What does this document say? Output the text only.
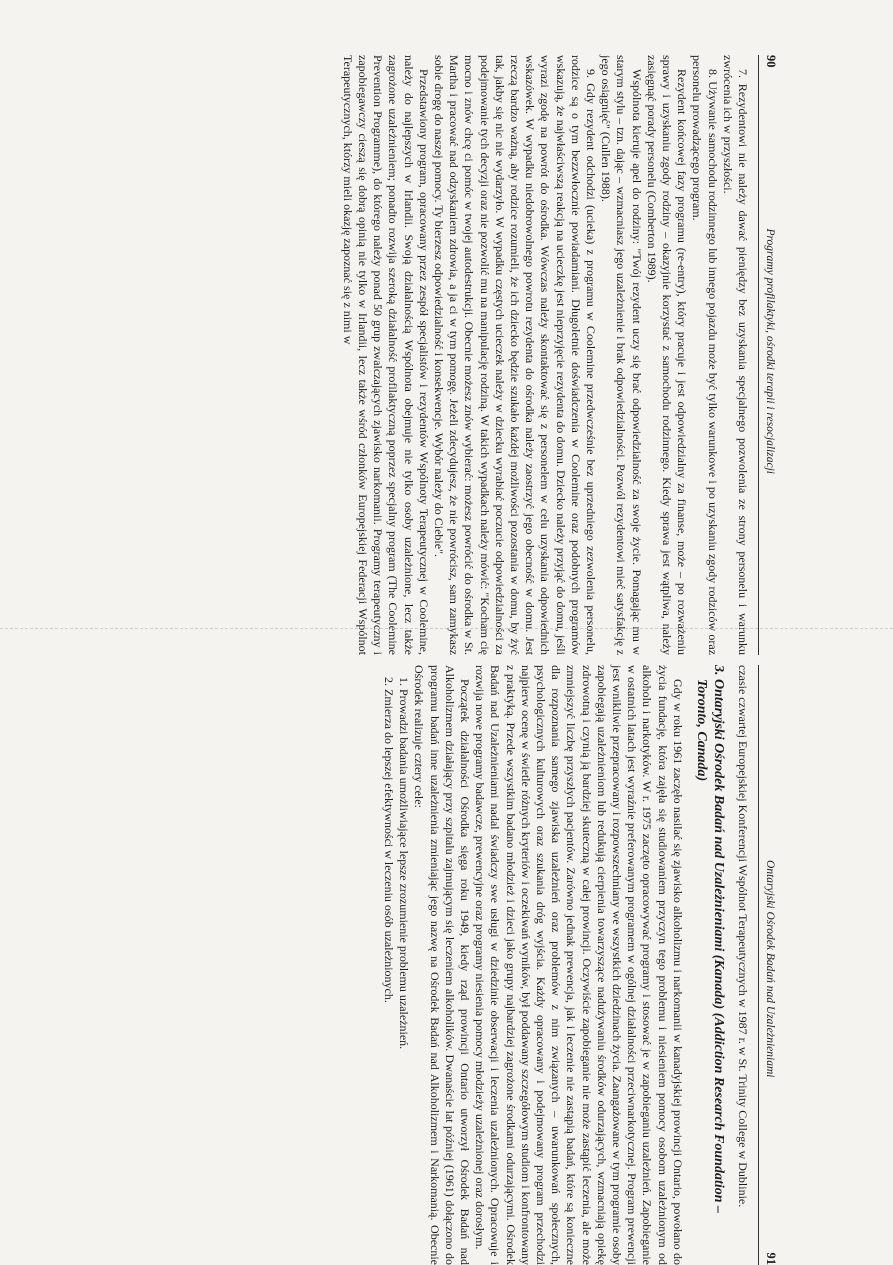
90
Programy profilaktyki, ośrodki terapii i resocjalizacji

7. Rezydentowi nie należy dawać pieniędzy bez uzyskania specjalnego pozwolenia ze strony personelu i warunku zwrócenia ich w przyszłości.

8. Używanie samochodu rodzinnego lub innego pojazdu może być tylko warunkowe i po uzyskaniu zgody rodziców oraz personelu prowadzącego program.

Rezydent końcowej fazy programu (re-entry), który pracuje i jest odpowiedzialny za finanse, może – po rozważeniu sprawy i uzyskaniu zgody rodziny – okazyjnie korzystać z samochodu rodzinnego. Kiedy sprawa jest wątpliwa, należy zasięgnąć porady personelu (Comberton 1989).

Wspólnota kieruje apel do rodziny: "Twój rezydent uczy się brać odpowiedzialność za swoje życie. Pomagając mu w starym stylu – tzn. dając – wzmacniasz jego uzależnienie i brak odpowiedzialności. Pozwól rezydentowi mieć satysfakcję z jego osiągnięć" (Cullen 1988).

9. Gdy rezydent odchodzi (ucieka) z programu w Coolemine przedwcześnie bez uprzedniego zezwolenia personelu, rodzice są o tym bezzwłocznie powiadamiani. Długoletnie doświadczenia w Coolemine oraz podobnych programów wskazują, że najwłaściwszą reakcją na ucieczkę jest nieprzyjęcie rezydenta do domu. Dziecko należy przyjąć do domu, jeśli wyrazi zgodę na powrót do ośrodka. Wówczas należy skontaktować się z personelem w celu uzyskania odpowiednich wskazówek. W wypadku niedobrowolnego powrotu rezydenta do ośrodka należy zaostrzyć jego obecność w domu. Jest rzeczą bardzo ważną, aby rodzice rozumieli, że ich dziecko będzie szukało każdej możliwości pozostania w domu, by żyć tak, jakby się nic nie wydarzyło. W wypadku częstych ucieczek należy w dziecku wyrabiać poczucie odpowiedzialności za podejmowanie tych decyzji oraz nie pozwolić mu na manipulację rodziną. W takich wypadkach należy mówić: "Kocham cię mocno i znów chcę ci pomóc w twojej autodestrukcji. Obecnie możesz znów wybierać: możesz powrócić do ośrodka w St. Martha i pracować nad odzyskaniem zdrowia, a ja ci w tym pomogę. Jeżeli zdecydujesz, że nie powrócisz, sam zamykasz sobie drogę do naszej pomocy. Ty bierzesz odpowiedzialność i konsekwencje. Wybór należy do Ciebie".

Przedstawiony program, opracowany przez zespół specjalistów i rezydentów Wspólnoty Terapeutycznej w Coolemine, należy do najlepszych w Irlandii. Swoją działalnością Wspólnota obejmuje nie tylko osoby uzależnione, lecz także zagrożone uzależnieniem; ponadto rozwija szeroką działalność profilaktyczną poprzez specjalny program (The Coolemine Prevention Programme), do którego należy ponad 50 grup zwalczających zjawisko narkomanii. Programy terapeutyczny i zapobiegawczy cieszą się dobrą opinią nie tylko w Irlandii, lecz także wśród członków Europejskiej Federacji Wspólnot Terapeutycznych, którzy mieli okazję zapoznać się z nimi w

Ontaryjski Ośrodek Badań nad Uzależnieniami
91

czasie czwartej Europejskiej Konferencji Wspólnot Terapeutycznych w 1987 r. w St. Trinity College w Dublinie.

3. Ontaryjski Ośrodek Badań nad Uzależnieniami (Kanada) (Addiction Research Foundation – Toronto, Canada)

Gdy w roku 1961 zaczęło nasilać się zjawisko alkoholizmu i narkomanii w kanadyjskiej prowincji Ontario, powołano do życia fundację, która zajęła się studiowaniem przyczyn tego problemu i niesieniem pomocy osobom uzależnionym od alkoholu i narkotyków. W r. 1975 zaczęto opracowywać programy i stosować je w zapobieganiu uzależnień. Zapobieganie w ostatnich latach jest wyraźnie preferowanym programem w ogólnej działalności przeciwnarkotycznej. Program prewencji jest wnikliwie przepracowany i rozpowszechniany we wszystkich dziedzinach życia. Zaangażowane w tym programie osoby zapobiegają uzależnieniom lub redukują cierpienia towarzyszące nadużywaniu środków odurzających, wzmacniają opiekę zdrowotną i czynią ją bardziej skuteczną w całej prowincji. Oczywiście zapobieganie nie może zastąpić leczenia, ale może zmniejszyć liczbę przyszłych pacjentów. Zarówno jednak prewencja, jak i leczenie nie zastąpią badań, które są konieczne dla rozpoznania samego zjawiska uzależnień oraz problemów z nim związanych – uwarunkowań społecznych, psychologicznych kulturowych oraz szukania dróg wyjścia. Każdy opracowany i podejmowany program przechodzi najpierw ocenę w świetle różnych kryteriów i oczekiwań wyników, był poddawany szczegółowym studiom i konfrontowany z praktyką. Przede wszystkim badano młodzież i dzieci jako grupy najbardziej zagrożone środkami odurzającymi. Ośrodek Badań nad Uzależnieniami nadal świadczy swe usługi w dziedzinie obserwacji i leczenia uzależnionych. Opracowuje i rozwija nowe programy badawcze, prewencyjne oraz programy niesienia pomocy młodzieży uzależnionej oraz dorosłym.

Początek działalności Ośrodka sięga roku 1949, kiedy rząd prowincji Ontario utworzył Ośrodek Badań nad Alkoholizmem działający przy szpitalu zajmującym się leczeniem alkoholików. Dwanaście lat później (1961) dołączono do programu badań inne uzależnienia zmieniając jego nazwę na Ośrodek Badań nad Alkoholizmem i Narkomanią. Obecnie Ośrodek realizuje cztery cele:

1. Prowadzi badania umożliwiające lepsze zrozumienie problemu uzależnień.

2. Zmierza do lepszej efektywności w leczeniu osób uzależnionych.
